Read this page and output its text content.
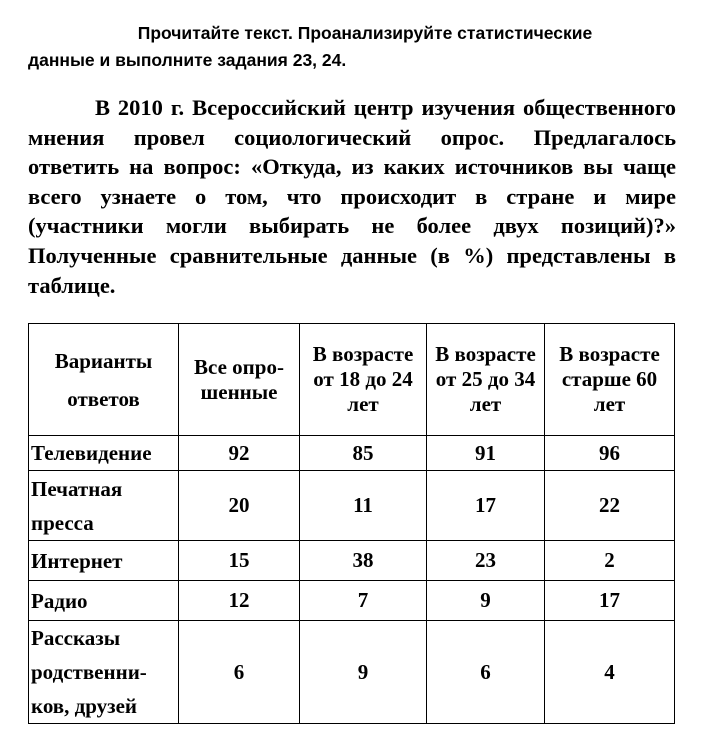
Прочитайте текст. Проанализируйте статистические
данные и выполните задания 23, 24.

В 2010 г. Всероссийский центр изучения общественного мнения провел социологический опрос. Предлагалось ответить на вопрос: «Откуда, из каких источников вы чаще всего узнаете о том, что происходит в стране и мире (участники могли выбирать не более двух позиций)?» Полученные сравнительные данные (в %) представлены в таблице.

Варианты ответов	Все опрошенные	В возрасте от 18 до 24 лет	В возрасте от 25 до 34 лет	В возрасте старше 60 лет
Телевидение	92	85	91	96
Печатная пресса	20	11	17	22
Интернет	15	38	23	2
Радио	12	7	9	17
Рассказы родственников, друзей	6	9	6	4
